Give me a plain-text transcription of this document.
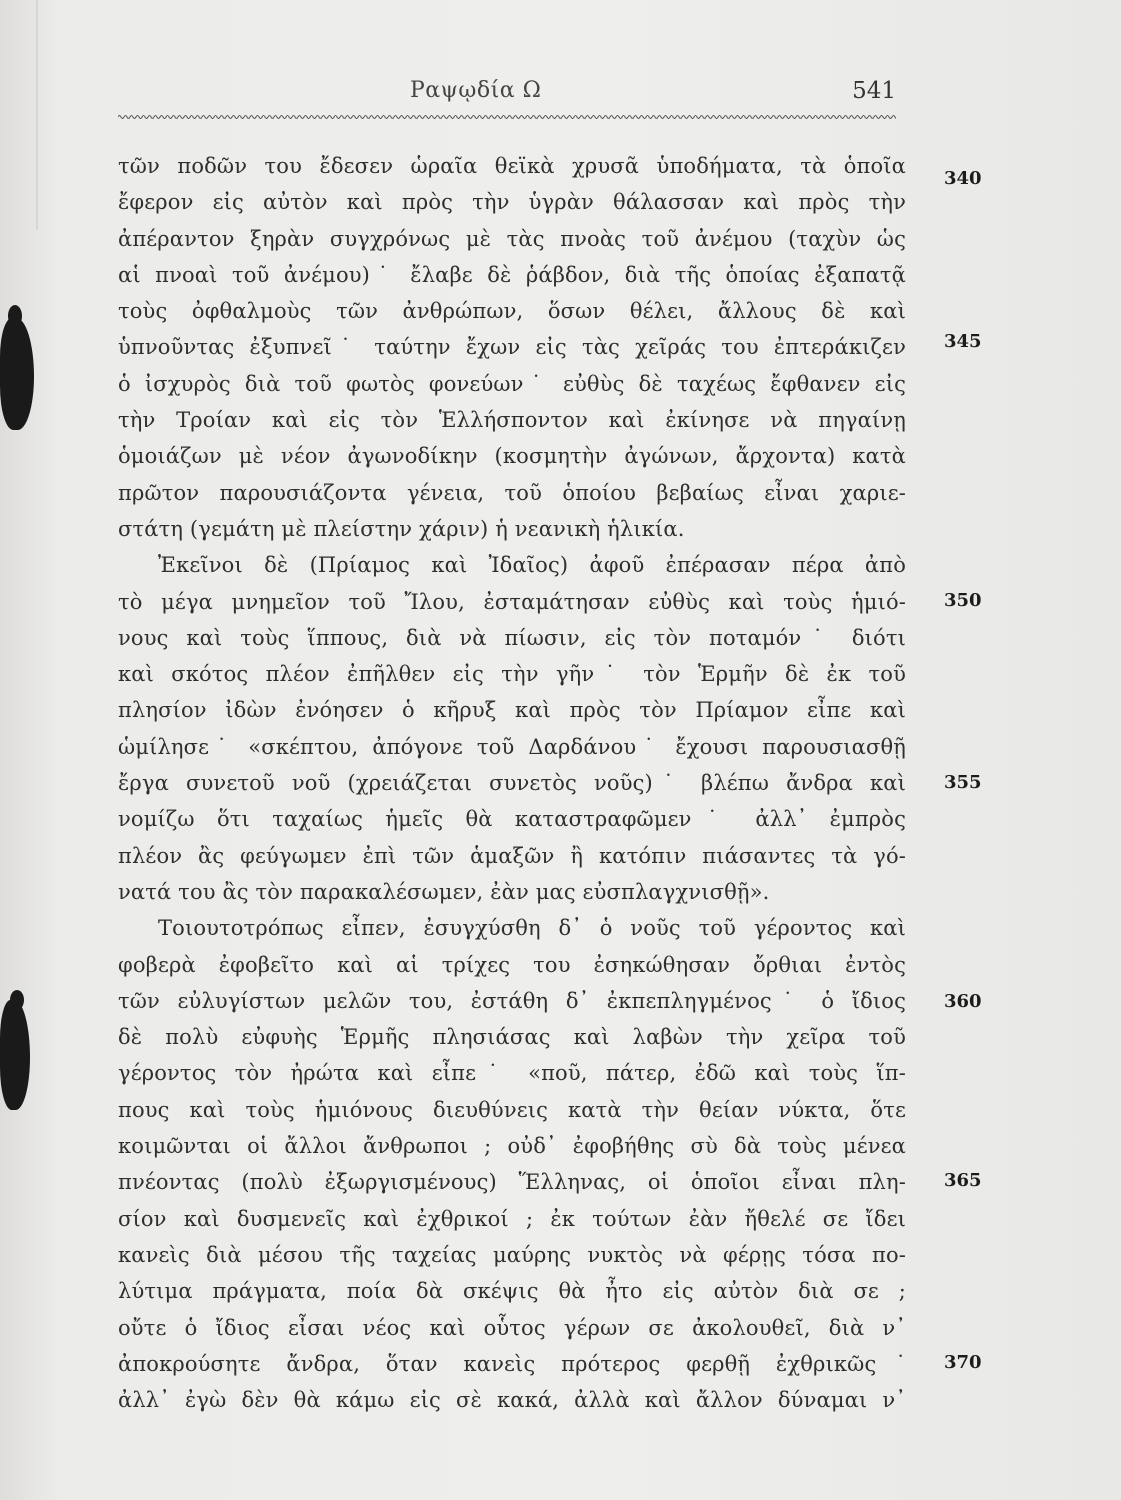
Ραψῳδία Ω	541
τῶν ποδῶν του ἔδεσεν ὡραῖα θεϊκὰ χρυσᾶ ὑποδήματα, τὰ ὁποῖα
ἔφερον εἰς αὐτὸν καὶ πρὸς τὴν ὑγρὰν θάλασσαν καὶ πρὸς τὴν
ἀπέραντον ξηρὰν συγχρόνως μὲ τὰς πνοὰς τοῦ ἀνέμου (ταχὺν ὡς
αἱ πνοαὶ τοῦ ἀνέμου)˙ ἔλαβε δὲ ῥάβδον, διὰ τῆς ὁποίας ἐξαπατᾷ
τοὺς ὀφθαλμοὺς τῶν ἀνθρώπων, ὅσων θέλει, ἄλλους δὲ καὶ
ὑπνοῦντας ἐξυπνεῖ˙ ταύτην ἔχων εἰς τὰς χεῖράς του ἐπτεράκιζεν
ὁ ἰσχυρὸς διὰ τοῦ φωτὸς φονεύων˙ εὐθὺς δὲ ταχέως ἔφθανεν εἰς
τὴν Τροίαν καὶ εἰς τὸν Ἑλλήσποντον καὶ ἐκίνησε νὰ πηγαίνῃ
ὁμοιάζων μὲ νέον ἀγωνοδίκην (κοσμητὴν ἀγώνων, ἄρχοντα) κατὰ
πρῶτον παρουσιάζοντα γένεια, τοῦ ὁποίου βεβαίως εἶναι χαριε-
στάτη (γεμάτη μὲ πλείστην χάριν) ἡ νεανικὴ ἡλικία.
Ἐκεῖνοι δὲ (Πρίαμος καὶ Ἰδαῖος) ἀφοῦ ἐπέρασαν πέρα ἀπὸ
τὸ μέγα μνημεῖον τοῦ Ἴλου, ἐσταμάτησαν εὐθὺς καὶ τοὺς ἡμιό-
νους καὶ τοὺς ἵππους, διὰ νὰ πίωσιν, εἰς τὸν ποταμόν˙ διότι
καὶ σκότος πλέον ἐπῆλθεν εἰς τὴν γῆν˙ τὸν Ἑρμῆν δὲ ἐκ τοῦ
πλησίον ἰδὼν ἐνόησεν ὁ κῆρυξ καὶ πρὸς τὸν Πρίαμον εἶπε καὶ
ὡμίλησε˙ «σκέπτου, ἀπόγονε τοῦ Δαρδάνου˙ ἔχουσι παρουσιασθῇ
ἔργα συνετοῦ νοῦ (χρειάζεται συνετὸς νοῦς)˙ βλέπω ἄνδρα καὶ
νομίζω ὅτι ταχαίως ἡμεῖς θὰ καταστραφῶμεν˙ ἀλλ᾽ ἐμπρὸς
πλέον ἂς φεύγωμεν ἐπὶ τῶν ἁμαξῶν ἢ κατόπιν πιάσαντες τὰ γό-
νατά του ἂς τὸν παρακαλέσωμεν, ἐὰν μας εὐσπλαγχνισθῇ».
Τοιουτοτρόπως εἶπεν, ἐσυγχύσθη δ᾽ ὁ νοῦς τοῦ γέροντος καὶ
φοβερὰ ἐφοβεῖτο καὶ αἱ τρίχες του ἐσηκώθησαν ὄρθιαι ἐντὸς
τῶν εὐλυγίστων μελῶν του, ἐστάθη δ᾽ ἐκπεπληγμένος˙ ὁ ἴδιος
δὲ πολὺ εὐφυὴς Ἑρμῆς πλησιάσας καὶ λαβὼν τὴν χεῖρα τοῦ
γέροντος τὸν ἠρώτα καὶ εἶπε˙ «ποῦ, πάτερ, ἐδῶ καὶ τοὺς ἵπ-
πους καὶ τοὺς ἡμιόνους διευθύνεις κατὰ τὴν θείαν νύκτα, ὅτε
κοιμῶνται οἱ ἄλλοι ἄνθρωποι ; οὐδ᾽ ἐφοβήθης σὺ δὰ τοὺς μένεα
πνέοντας (πολὺ ἐξωργισμένους) Ἕλληνας, οἱ ὁποῖοι εἶναι πλη-
σίον καὶ δυσμενεῖς καὶ ἐχθρικοί ; ἐκ τούτων ἐὰν ἤθελέ σε ἴδει
κανεὶς διὰ μέσου τῆς ταχείας μαύρης νυκτὸς νὰ φέρῃς τόσα πο-
λύτιμα πράγματα, ποία δὰ σκέψις θὰ ἦτο εἰς αὐτὸν διὰ σε ;
οὔτε ὁ ἴδιος εἶσαι νέος καὶ οὗτος γέρων σε ἀκολουθεῖ, διὰ ν᾽
ἀποκρούσητε ἄνδρα, ὅταν κανεὶς πρότερος φερθῇ ἐχθρικῶς˙
ἀλλ᾽ ἐγὼ δὲν θὰ κάμω εἰς σὲ κακά, ἀλλὰ καὶ ἄλλον δύναμαι ν᾽
340
345
350
355
360
365
370
